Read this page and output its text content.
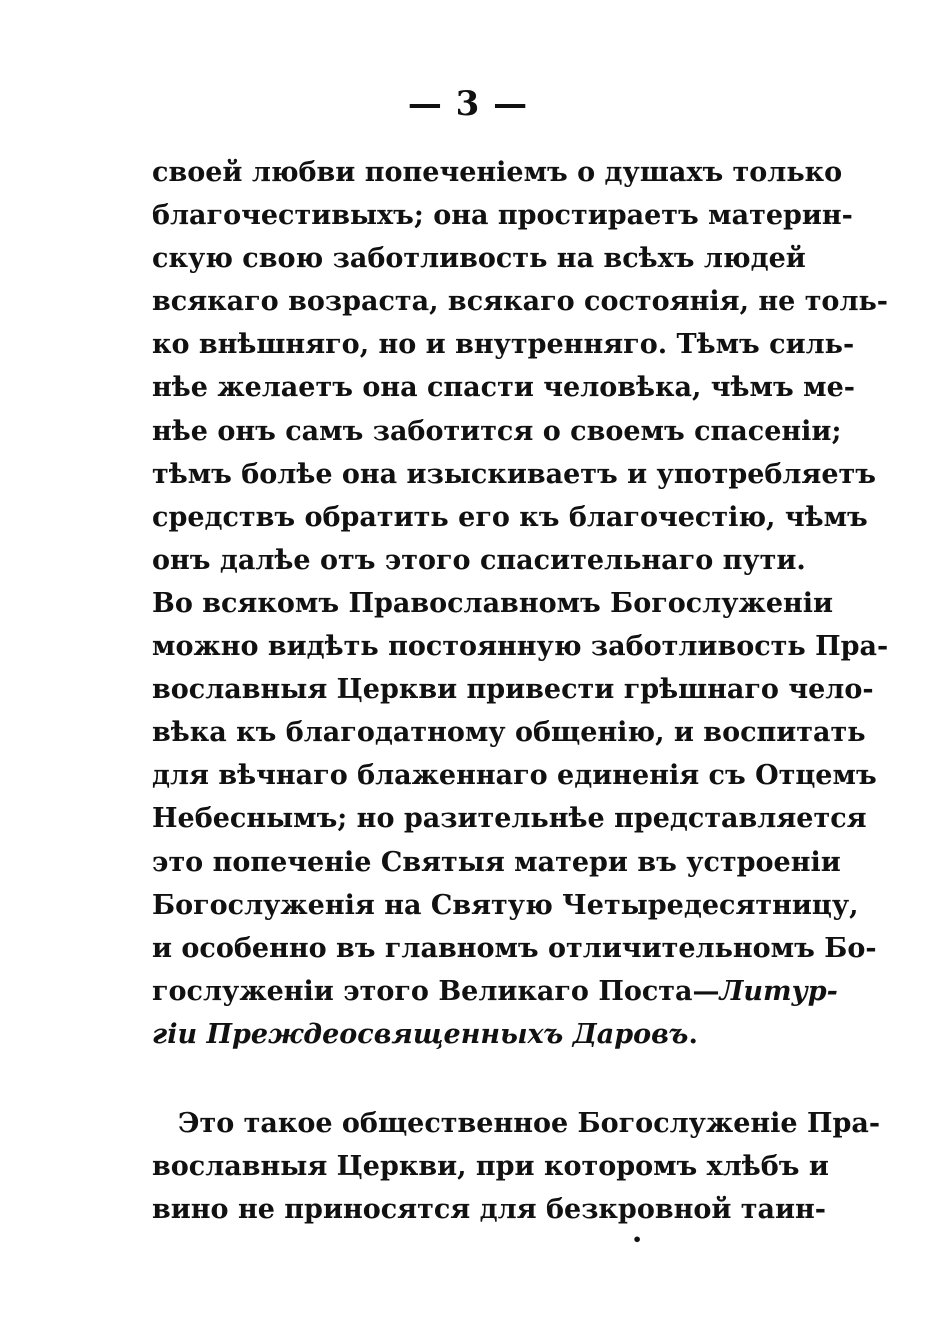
— 3 —
своей любви попеченіемъ о душахъ только
благочестивыхъ; она простираетъ материн-
скую свою заботливость на всѣхъ людей
всякаго возраста, всякаго состоянія, не толь-
ко внѣшняго, но и внутренняго. Тѣмъ силь-
нѣе желаетъ она спасти человѣка, чѣмъ ме-
нѣе онъ самъ заботится о своемъ спасеніи;
тѣмъ болѣе она изыскиваетъ и употребляетъ
средствъ обратить его къ благочестію, чѣмъ
онъ далѣе отъ этого спасительнаго пути.
Во всякомъ Православномъ Богослуженіи
можно видѣть постоянную заботливость Пра-
вославныя Церкви привести грѣшнаго чело-
вѣка къ благодатному общенію, и воспитать
для вѣчнаго блаженнаго единенія съ Отцемъ
Небеснымъ; но разительнѣе представляется
это попеченіе Святыя матери въ устроеніи
Богослуженія на Святую Четыредесятницу,
и особенно въ главномъ отличительномъ Бо-
гослуженіи этого Великаго Поста—Литур-
гіи Преждеосвященныхъ Даровъ.
Это такое общественное Богослуженіе Пра-
вославныя Церкви, при которомъ хлѣбъ и
вино не приносятся для безкровной таин-
•
